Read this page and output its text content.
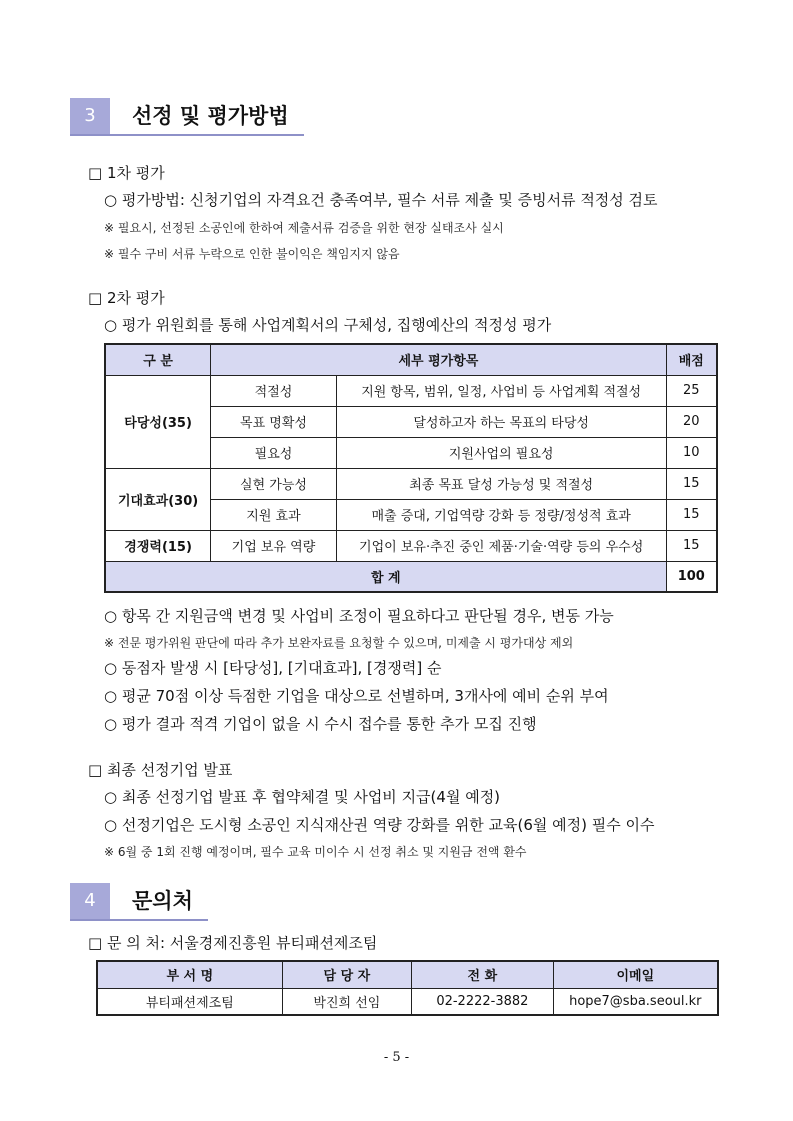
3	선정 및 평가방법
□ 1차 평가
○ 평가방법: 신청기업의 자격요건 충족여부, 필수 서류 제출 및 증빙서류 적정성 검토
※ 필요시, 선정된 소공인에 한하여 제출서류 검증을 위한 현장 실태조사 실시
※ 필수 구비 서류 누락으로 인한 불이익은 책임지지 않음
□ 2차 평가
○ 평가 위원회를 통해 사업계획서의 구체성, 집행예산의 적정성 평가
구 분	세부 평가항목		배점
타당성(35)	적절성	지원 항목, 범위, 일정, 사업비 등 사업계획 적절성	25
	목표 명확성	달성하고자 하는 목표의 타당성	20
	필요성	지원사업의 필요성	10
기대효과(30)	실현 가능성	최종 목표 달성 가능성 및 적절성	15
	지원 효과	매출 증대, 기업역량 강화 등 정량/정성적 효과	15
경쟁력(15)	기업 보유 역량	기업이 보유·추진 중인 제품·기술·역량 등의 우수성	15
합 계			100
○ 항목 간 지원금액 변경 및 사업비 조정이 필요하다고 판단될 경우, 변동 가능
※ 전문 평가위원 판단에 따라 추가 보완자료를 요청할 수 있으며, 미제출 시 평가대상 제외
○ 동점자 발생 시 [타당성], [기대효과], [경쟁력] 순
○ 평균 70점 이상 득점한 기업을 대상으로 선별하며, 3개사에 예비 순위 부여
○ 평가 결과 적격 기업이 없을 시 수시 접수를 통한 추가 모집 진행
□ 최종 선정기업 발표
○ 최종 선정기업 발표 후 협약체결 및 사업비 지급(4월 예정)
○ 선정기업은 도시형 소공인 지식재산권 역량 강화를 위한 교육(6월 예정) 필수 이수
※ 6월 중 1회 진행 예정이며, 필수 교육 미이수 시 선정 취소 및 지원금 전액 환수
4	문의처
□ 문 의 처: 서울경제진흥원 뷰티패션제조팀
부 서 명	담 당 자	전 화	이메일
뷰티패션제조팀	박진희 선임	02-2222-3882	hope7@sba.seoul.kr
- 5 -
